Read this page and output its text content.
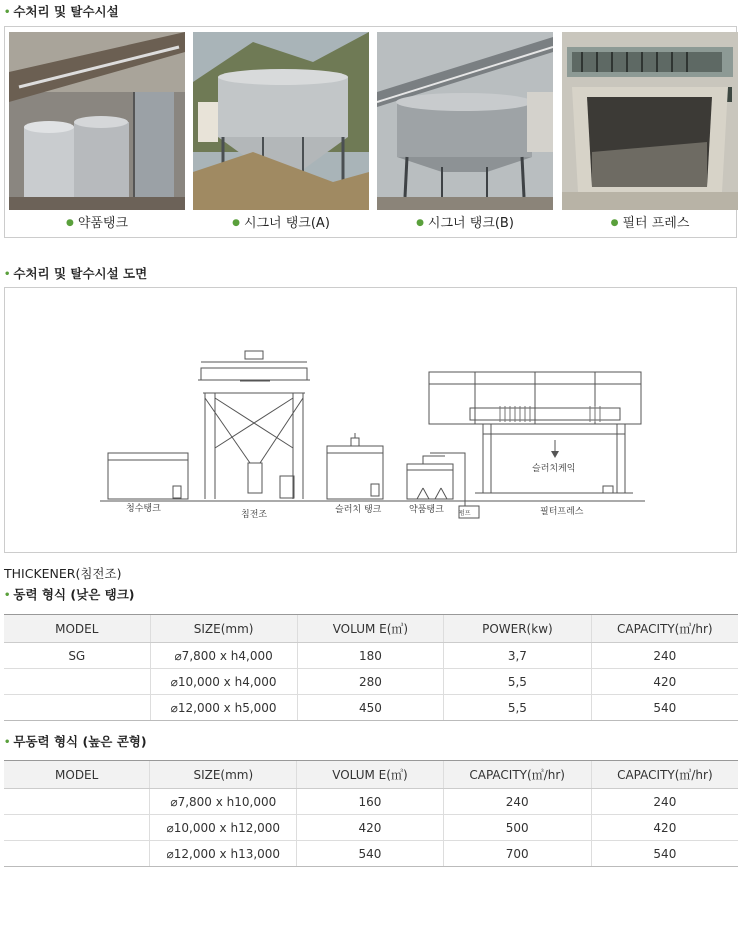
• 수처리 및 탈수시설
● 약품탱크	● 시그너 탱크(A)	● 시그너 탱크(B)	● 필터 프레스
• 수처리 및 탈수시설 도면
청수탱크
침전조	슬러치 탱크	약품탱크	필터프레스
슬러치케익
펌프
THICKENER(침전조)
• 동력 형식 (낮은 탱크)
MODEL	SIZE(mm)	VOLUM E(㎥)	POWER(kw)	CAPACITY(㎥/hr)
SG	⌀7,800 x h4,000	180	3,7	240
	⌀10,000 x h4,000	280	5,5	420
	⌀12,000 x h5,000	450	5,5	540
• 무동력 형식 (높은 콘형)
MODEL	SIZE(mm)	VOLUM E(㎥)	CAPACITY(㎥/hr)	CAPACITY(㎥/hr)
	⌀7,800 x h10,000	160	240	240
	⌀10,000 x h12,000	420	500	420
	⌀12,000 x h13,000	540	700	540
